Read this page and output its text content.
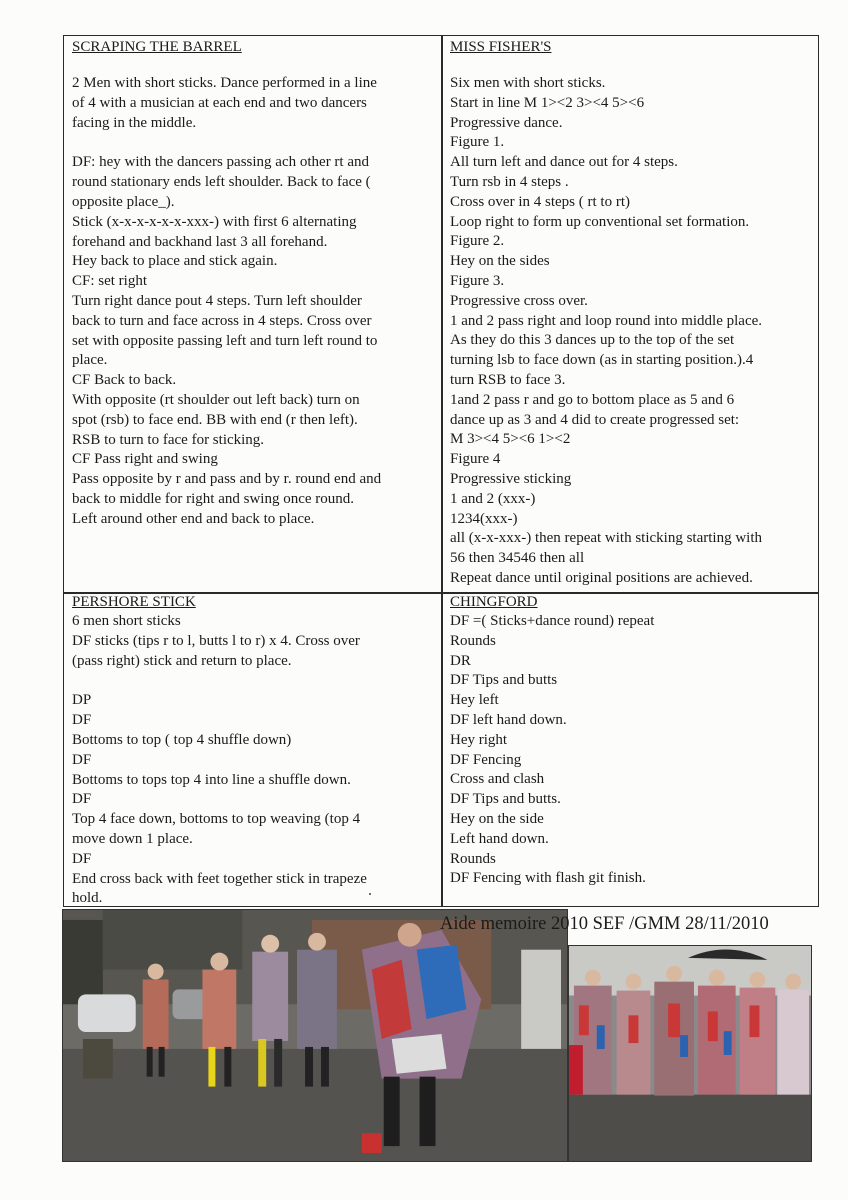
SCRAPING THE BARREL

2 Men with short sticks. Dance performed in a line

of 4 with a musician at each end and two dancers

facing in the middle.

DF: hey with the dancers passing ach other rt and

round stationary ends left shoulder. Back to face (

opposite place_).

Stick (x-x-x-x-x-x-xxx-) with first 6 alternating

forehand and backhand last 3 all forehand.

Hey back to place and stick again.

CF: set right

Turn right dance pout 4 steps. Turn left shoulder

back to turn and face across in 4 steps. Cross over

set with opposite passing left and turn left round to

place.

CF Back to back.

With opposite (rt shoulder out left back) turn on

spot (rsb) to face end. BB with end (r then left).

RSB to turn to face for sticking.

CF Pass right and swing

Pass opposite by r and pass and by r. round end and

back to middle for right and swing once round.

Left around other end and back to place.

MISS FISHER'S

Six men with short sticks.

Start in line M 1><2 3><4 5><6

Progressive dance.

Figure 1.

All turn left and dance out for 4 steps.

Turn rsb in 4 steps .

Cross over in 4 steps ( rt to rt)

Loop right to form up conventional set formation.

Figure 2.

Hey on the sides

Figure 3.

Progressive cross over.

1 and 2 pass right and loop round into middle place.

As they do this 3 dances up to the top of the set

turning lsb to face down (as in starting position.).4

turn RSB to face 3.

1and 2 pass r and go to bottom place as 5 and 6

dance up as 3 and 4 did to create progressed set:

M 3><4 5><6 1><2

Figure 4

Progressive sticking

1 and 2 (xxx-)

1234(xxx-)

all (x-x-xxx-) then repeat with sticking starting with

56 then 34546 then all

Repeat dance until original positions are achieved.

PERSHORE STICK

6 men short sticks

DF sticks (tips r to l, butts l to r) x 4. Cross over

(pass right) stick and return to place.

DP

DF

Bottoms to top ( top 4 shuffle down)

DF

Bottoms to tops top 4 into line a shuffle down.

DF

Top 4 face down, bottoms to top weaving (top 4

move down 1 place.

DF

End cross back with feet together stick in trapeze

hold.

CHINGFORD

DF =( Sticks+dance round) repeat

Rounds

DR

DF Tips and butts

Hey left

DF left hand down.

Hey right

DF Fencing

Cross and clash

DF Tips and butts.

Hey on the side

Left hand down.

Rounds

DF Fencing with flash git finish.

Aide memoire 2010 SEF /GMM 28/11/2010
